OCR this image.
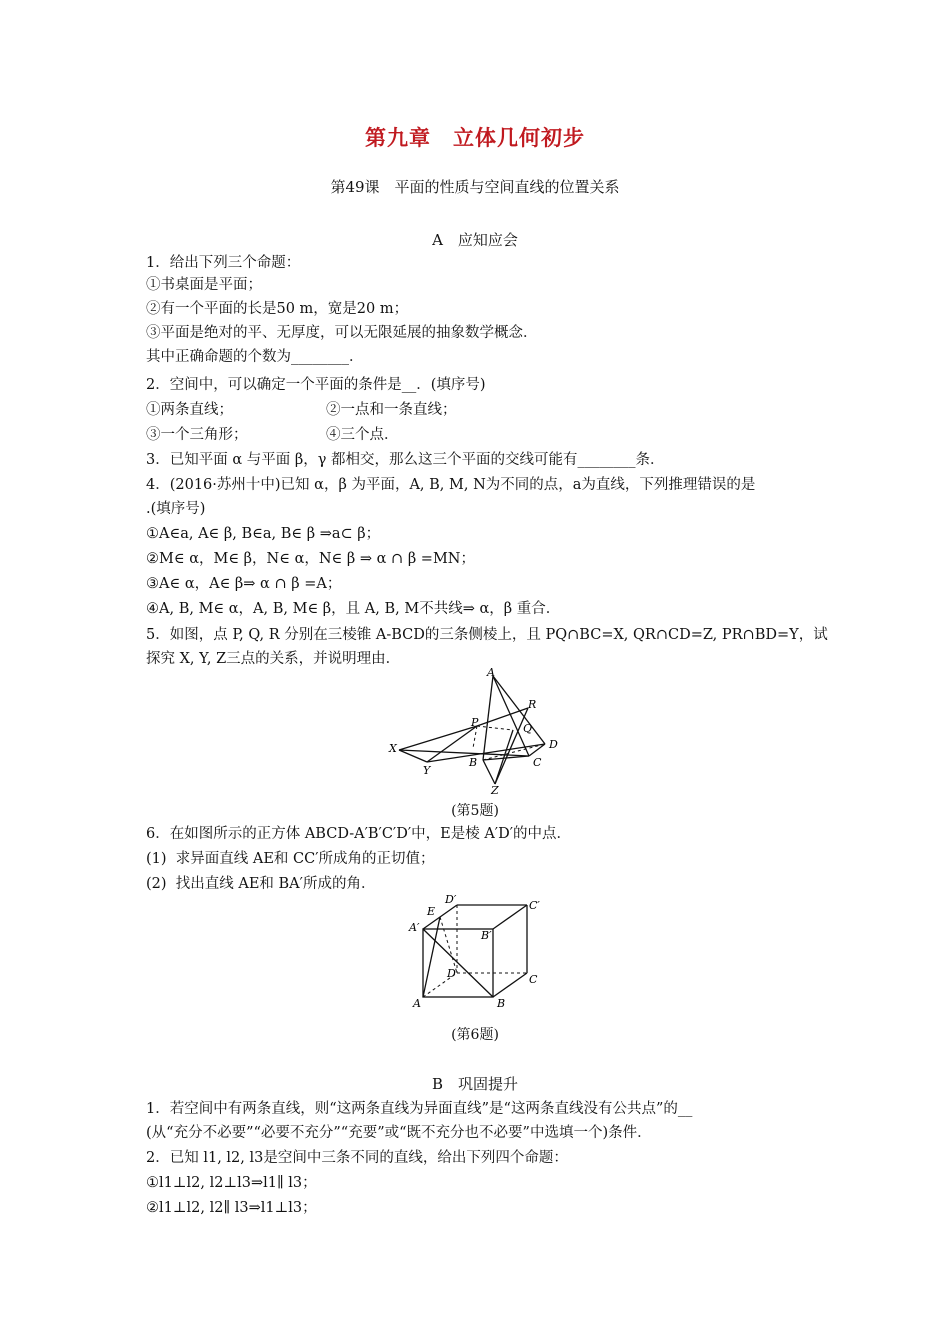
第九章　立体几何初步
第49课　平面的性质与空间直线的位置关系
A　应知应会
1．给出下列三个命题：
①书桌面是平面；
②有一个平面的长是50 m，宽是20 m；
③平面是绝对的平、无厚度，可以无限延展的抽象数学概念．
其中正确命题的个数为________．
2．空间中，可以确定一个平面的条件是__．(填序号)
①两条直线；	②一点和一条直线；
③一个三角形；	④三个点．
3．已知平面 α 与平面 β，γ 都相交，那么这三个平面的交线可能有________条．
4．(2016·苏州十中)已知 α，β 为平面，A, B, M, N为不同的点，a为直线，下列推理错误的是
.(填序号)
①A∈a, A∈ β, B∈a, B∈ β ⇒a⊂ β；
②M∈ α，M∈ β，N∈ α，N∈ β ⇒ α ∩ β =MN；
③A∈ α，A∈ β⇒ α ∩ β =A；
④A, B, M∈ α，A, B, M∈ β，且 A, B, M不共线⇒ α，β 重合．
5．如图，点 P, Q, R 分别在三棱锥 A-BCD的三条侧棱上，且 PQ∩BC=X, QR∩CD=Z, PR∩BD=Y，试
探究 X, Y, Z三点的关系，并说明理由．
A
R
P	Q
D
X
B	C
Y
Z
(第5题)
6．在如图所示的正方体 ABCD-A′B′C′D′中，E是棱 A′D′的中点．
(1)  求异面直线 AE和 CC′所成角的正切值；
(2)  找出直线 AE和 BA′所成的角．
D′	C′
E
A′
B′
D	C
A	B
(第6题)
B　巩固提升
1．若空间中有两条直线，则“这两条直线为异面直线”是“这两条直线没有公共点”的__
(从“充分不必要”“必要不充分”“充要”或“既不充分也不必要”中选填一个)条件．
2．已知 l1, l2, l3是空间中三条不同的直线，给出下列四个命题：
①l1⊥l2, l2⊥l3⇒l1∥ l3；
②l1⊥l2, l2∥ l3⇒l1⊥l3；
